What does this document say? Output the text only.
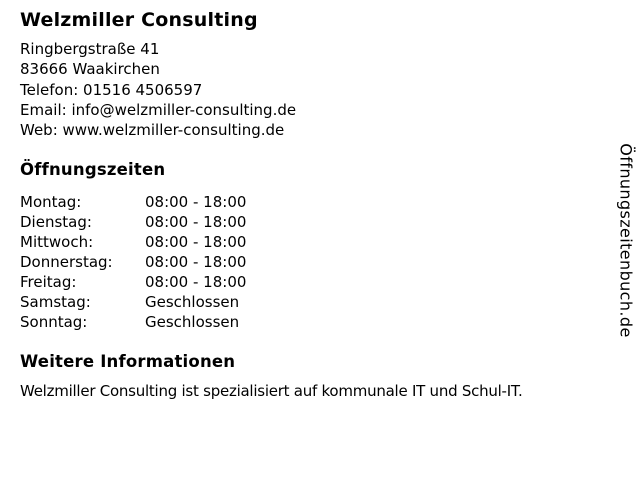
Welzmiller Consulting
Ringbergstraße 41
83666 Waakirchen
Telefon: 01516 4506597
Email: info@welzmiller-consulting.de
Web: www.welzmiller-consulting.de
Öffnungszeiten
Montag:	08:00 - 18:00
Dienstag:	08:00 - 18:00
Mittwoch:	08:00 - 18:00
Donnerstag:	08:00 - 18:00
Freitag:	08:00 - 18:00
Samstag:	Geschlossen
Sonntag:	Geschlossen
Weitere Informationen

Welzmiller Consulting ist spezialisiert auf kommunale IT und Schul-IT.

Öffnungszeitenbuch.de
